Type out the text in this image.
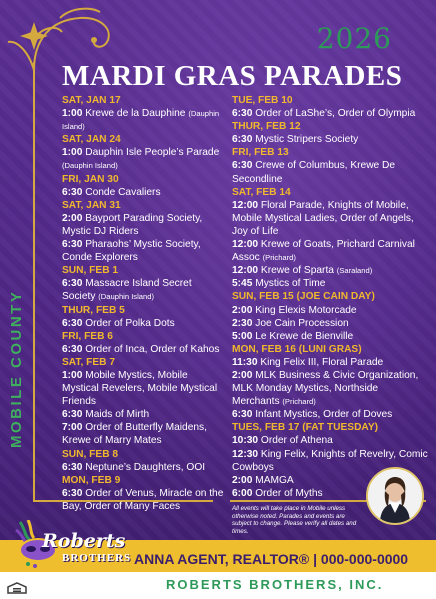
2026
MARDI GRAS PARADES
MOBILE COUNTY
SAT, JAN 17
1:00 Krewe de la Dauphine (Dauphin Island)
SAT, JAN 24
1:00 Dauphin Isle People’s Parade (Dauphin Island)
FRI, JAN 30
6:30 Conde Cavaliers
SAT, JAN 31
2:00 Bayport Parading Society, Mystic DJ Riders
6:30 Pharaohs’ Mystic Society, Conde Explorers
SUN, FEB 1
6:30 Massacre Island Secret Society (Dauphin Island)
THUR, FEB 5
6:30 Order of Polka Dots
FRI, FEB 6
6:30 Order of Inca, Order of Kahos
SAT, FEB 7
1:00 Mobile Mystics, Mobile Mystical Revelers, Mobile Mystical Friends
6:30 Maids of Mirth
7:00 Order of Butterfly Maidens, Krewe of Marry Mates
SUN, FEB 8
6:30 Neptune’s Daughters, OOI
MON, FEB 9
6:30 Order of Venus, Miracle on the Bay, Order of Many Faces
TUE, FEB 10
6:30 Order of LaShe’s, Order of Olympia
THUR, FEB 12
6:30 Mystic Stripers Society
FRI, FEB 13
6:30 Crewe of Columbus, Krewe De Secondline
SAT, FEB 14
12:00 Floral Parade, Knights of Mobile, Mobile Mystical Ladies, Order of Angels, Joy of Life
12:00 Krewe of Goats, Prichard Carnival Assoc (Prichard)
12:00 Krewe of Sparta (Saraland)
5:45 Mystics of Time
SUN, FEB 15 (JOE CAIN DAY)
2:00 King Elexis Motorcade
2:30 Joe Cain Procession
5:00 Le Krewe de Bienville
MON, FEB 16 (LUNI GRAS)
11:30 King Felix III, Floral Parade
2:00 MLK Business & Civic Organization, MLK Monday Mystics, Northside Merchants (Prichard)
6:30 Infant Mystics, Order of Doves
TUES, FEB 17 (FAT TUESDAY)
10:30 Order of Athena
12:30 King Felix, Knights of Revelry, Comic Cowboys
2:00 MAMGA
6:00 Order of Myths
All events will take place in Mobile unless otherwise noted. Parades and events are subject to change. Please verify all dates and times.
ANNA AGENT, REALTOR® | 000-000-0000
ROBERTS BROTHERS, INC.
Roberts
BROTHERS
